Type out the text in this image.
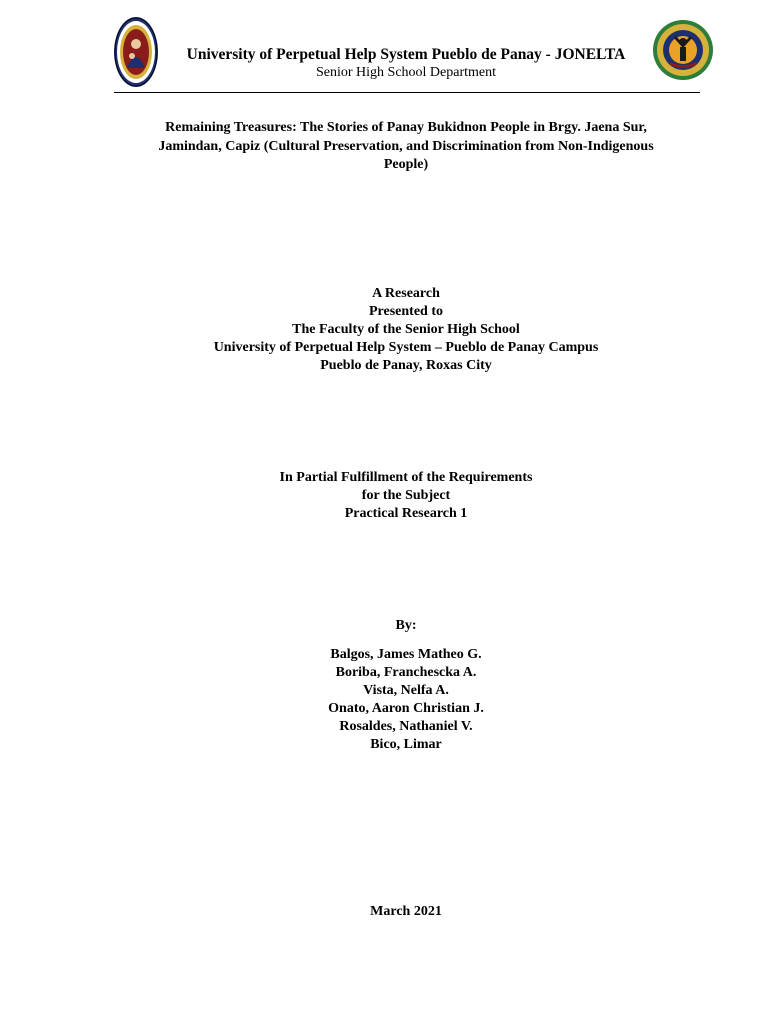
University of Perpetual Help System Pueblo de Panay - JONELTA
Senior High School Department
Remaining Treasures: The Stories of Panay Bukidnon People in Brgy. Jaena Sur,
Jamindan, Capiz (Cultural Preservation, and Discrimination from Non-Indigenous
People)
A Research
Presented to
The Faculty of the Senior High School
University of Perpetual Help System – Pueblo de Panay Campus
Pueblo de Panay, Roxas City
In Partial Fulfillment of the Requirements
for the Subject
Practical Research 1
By:
Balgos, James Matheo G.
Boriba, Franchescka A.
Vista, Nelfa A.
Onato, Aaron Christian J.
Rosaldes, Nathaniel V.
Bico, Limar
March 2021
